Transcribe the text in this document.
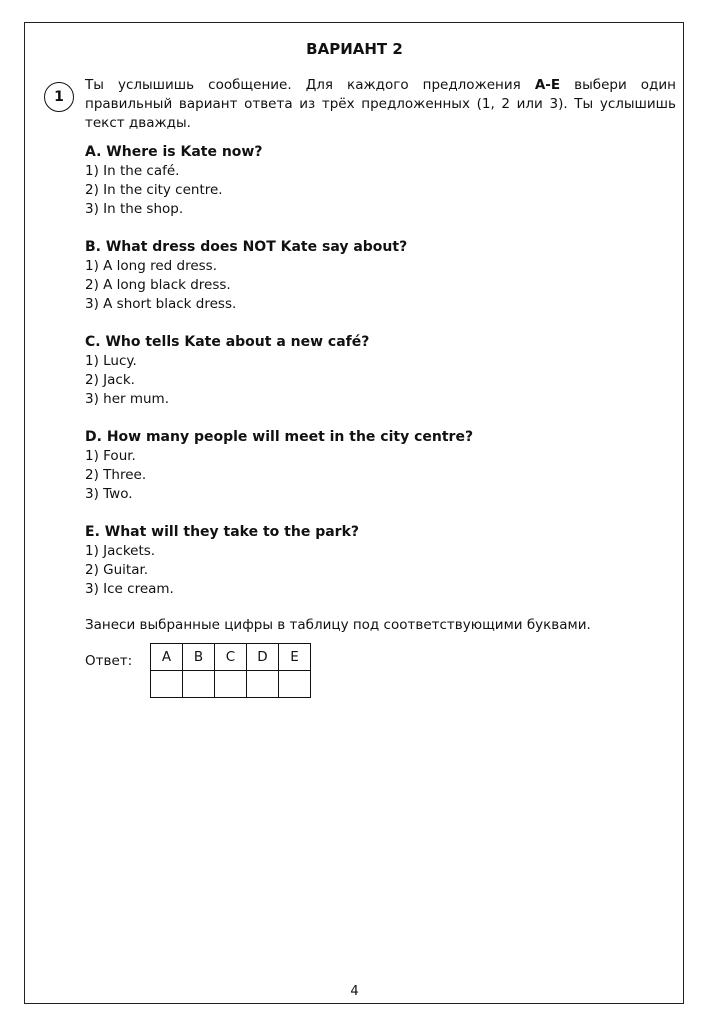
ВАРИАНТ 2
1
Ты услышишь сообщение. Для каждого предложения A-E выбери один правильный вариант ответа из трёх предложенных (1, 2 или 3). Ты услышишь текст дважды.
A. Where is Kate now?
1) In the café.
2) In the city centre.
3) In the shop.
B. What dress does NOT Kate say about?
1) A long red dress.
2) A long black dress.
3) A short black dress.
C. Who tells Kate about a new café?
1) Lucy.
2) Jack.
3) her mum.
D. How many people will meet in the city centre?
1) Four.
2) Three.
3) Two.
E. What will they take to the park?
1) Jackets.
2) Guitar.
3) Ice cream.
Занеси выбранные цифры в таблицу под соответствующими буквами.
Ответ: A	B	C	D	E

4
